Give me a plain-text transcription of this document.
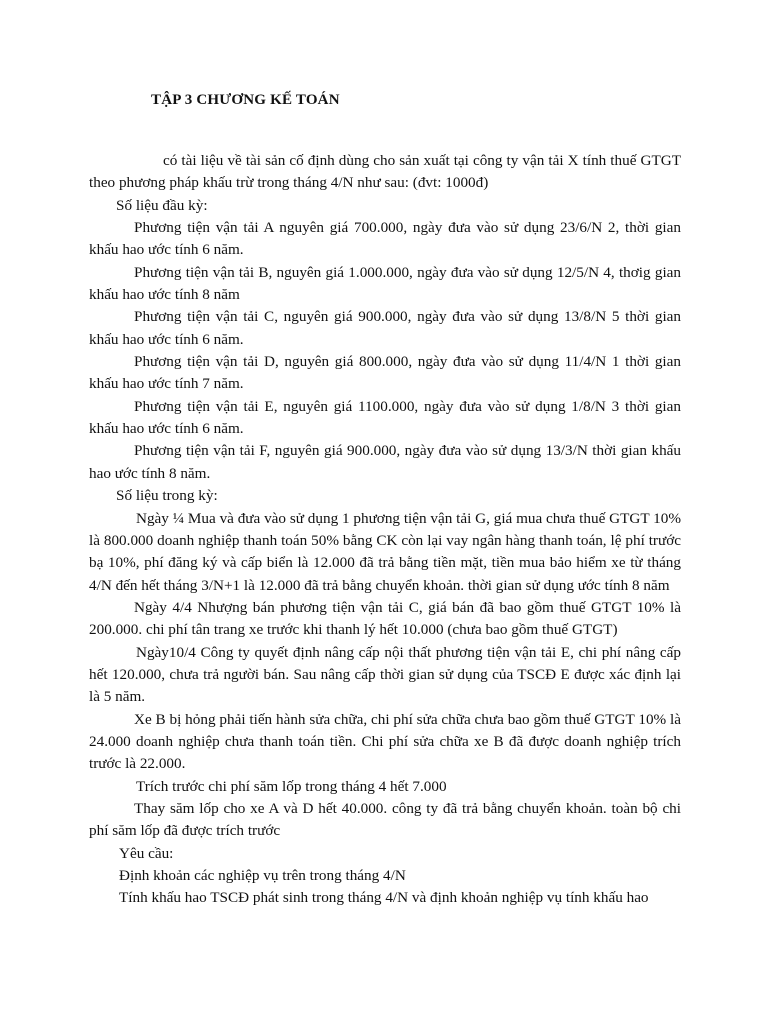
TẬP 3 CHƯƠNG KẾ TOÁN

có tài liệu về tài sản cố định dùng cho sản xuất tại công ty vận tải X tính thuế GTGT theo phương pháp khấu trừ trong tháng 4/N như sau: (đvt: 1000đ)

Số liệu đầu kỳ:

Phương tiện vận tải A nguyên giá 700.000, ngày đưa vào sử dụng 23/6/N 2, thời gian khấu hao ước tính 6 năm.

Phương tiện vận tải B, nguyên giá 1.000.000, ngày đưa vào sử dụng 12/5/N 4, thơig gian khấu hao ước tính 8 năm

Phương tiện vận tải C, nguyên giá 900.000, ngày đưa vào sử dụng 13/8/N 5 thời gian khấu hao ước tính 6 năm.

Phương tiện vận tải D, nguyên giá 800.000, ngày đưa vào sử dụng 11/4/N 1 thời gian khấu hao ước tính 7 năm.

Phương tiện vận tải E, nguyên giá 1100.000, ngày đưa vào sử dụng 1/8/N 3 thời gian khấu hao ước tính 6 năm.

Phương tiện vận tải F, nguyên giá 900.000, ngày đưa vào sử dụng 13/3/N thời gian khấu hao ước tính 8 năm.

Số liệu trong kỳ:

Ngày ¼ Mua và đưa vào sử dụng 1 phương tiện vận tải G, giá mua chưa thuế GTGT 10% là 800.000 doanh nghiệp thanh toán 50% bằng CK còn lại vay ngân hàng thanh toán, lệ phí trước bạ 10%, phí đăng ký và cấp biển là 12.000 đã trả bằng tiền mặt, tiền mua bảo hiểm xe từ tháng 4/N đến hết tháng 3/N+1 là 12.000 đã trả bằng chuyển khoản. thời gian sử dụng ước tính 8 năm

Ngày 4/4 Nhượng bán phương tiện vận tải C, giá bán đã bao gồm thuế GTGT 10% là 200.000. chi phí tân trang xe trước khi thanh lý hết 10.000 (chưa bao gồm thuế GTGT)

Ngày10/4 Công ty quyết định nâng cấp nội thất phương tiện vận tải E, chi phí nâng cấp hết 120.000, chưa trả người bán. Sau nâng cấp thời gian sử dụng của TSCĐ E được xác định lại là 5 năm.

Xe B bị hỏng phải tiến hành sửa chữa, chi phí sửa chữa chưa bao gồm thuế GTGT 10% là 24.000 doanh nghiệp chưa thanh toán tiền. Chi phí sửa chữa xe B đã được doanh nghiệp trích trước là 22.000.

Trích trước chi phí săm lốp trong tháng 4 hết 7.000

Thay săm lốp cho xe A và D hết 40.000. công ty đã trả bằng chuyển khoản. toàn bộ chi phí săm lốp đã được trích trước

Yêu cầu:

Định khoản các nghiệp vụ trên trong tháng 4/N

Tính khấu hao TSCĐ phát sinh trong tháng 4/N và định khoản nghiệp vụ tính khấu hao
